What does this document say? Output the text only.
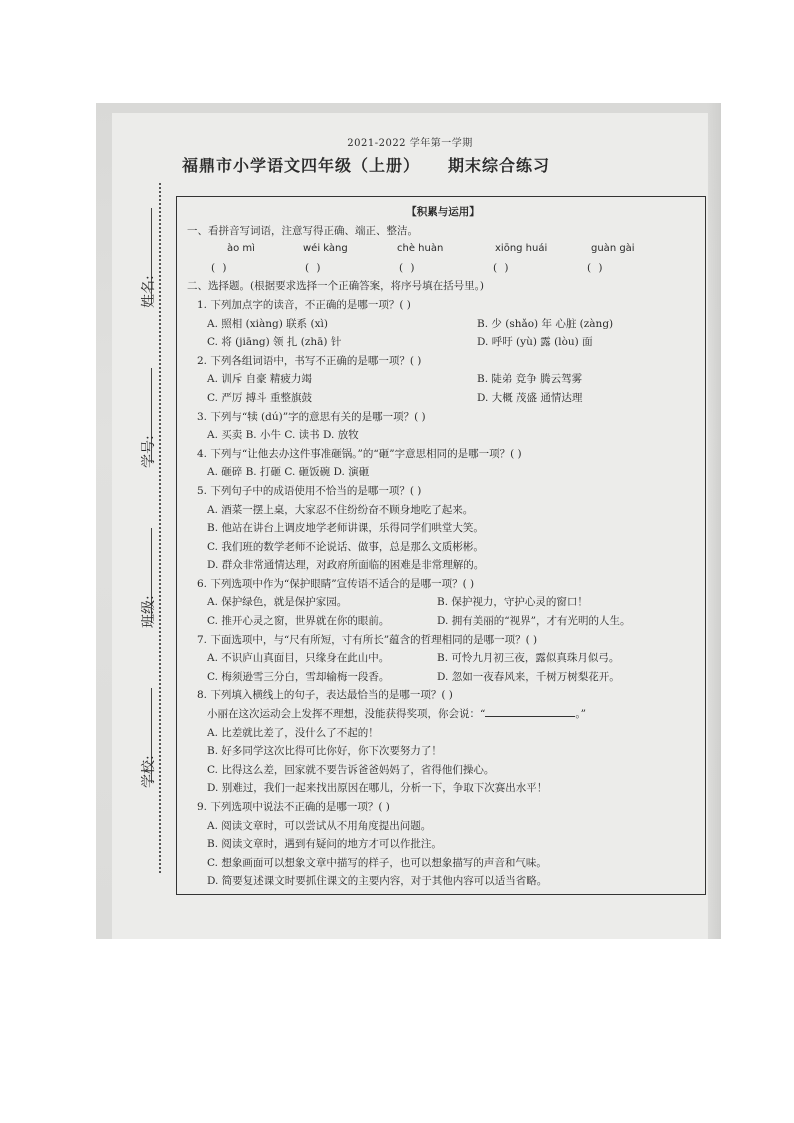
2021-2022 学年第一学期
福鼎市小学语文四年级（上册） 期末综合练习
姓名:
学号:
班级:
学校:
【积累与运用】
一、看拼音写词语，注意写得正确、端正、整洁。
ào mì	wéi kàng	chè huàn	xiōng huái	guàn gài
( )	( )	( )	( )	( )
二、选择题。(根据要求选择一个正确答案，将序号填在括号里。)
1. 下列加点字的读音，不正确的是哪一项？( )
A. 照相 (xiàng) 联系 (xì)	B. 少 (shǎo) 年 心脏 (zàng)
C. 将 (jiāng) 领 扎 (zhā) 针	D. 呼吁 (yù) 露 (lòu) 面
2. 下列各组词语中，书写不正确的是哪一项？( )
A. 训斥 自豪 精疲力竭	B. 陡弟 竞争 腾云驾雾
C. 严厉 搏斗 重整旗鼓	D. 大概 茂盛 通情达理
3. 下列与“犊 (dú)”字的意思有关的是哪一项？( )
A. 买卖 B. 小牛 C. 读书 D. 放牧
4. 下列与“让他去办这件事准砸锅。”的“砸”字意思相同的是哪一项？( )
A. 砸碎 B. 打砸 C. 砸饭碗 D. 演砸
5. 下列句子中的成语使用不恰当的是哪一项？( )
A. 酒菜一摆上桌，大家忍不住纷纷奋不顾身地吃了起来。
B. 他站在讲台上调皮地学老师讲课，乐得同学们哄堂大笑。
C. 我们班的数学老师不论说话、做事，总是那么文质彬彬。
D. 群众非常通情达理，对政府所面临的困难是非常理解的。
6. 下列选项中作为“保护眼睛”宣传语不适合的是哪一项？( )
A. 保护绿色，就是保护家园。	B. 保护视力，守护心灵的窗口！
C. 推开心灵之窗，世界就在你的眼前。	D. 拥有美丽的“视界”，才有光明的人生。
7. 下面选项中，与“尺有所短，寸有所长”蕴含的哲理相同的是哪一项？( )
A. 不识庐山真面目，只缘身在此山中。	B. 可怜九月初三夜，露似真珠月似弓。
C. 梅须逊雪三分白，雪却输梅一段香。	D. 忽如一夜春风来，千树万树梨花开。
8. 下列填入横线上的句子，表达最恰当的是哪一项？( )
小丽在这次运动会上发挥不理想，没能获得奖项，你会说：“	。”
A. 比差就比差了，没什么了不起的！
B. 好多同学这次比得可比你好，你下次要努力了！
C. 比得这么差，回家就不要告诉爸爸妈妈了，省得他们操心。
D. 别难过，我们一起来找出原因在哪儿，分析一下，争取下次赛出水平！
9. 下列选项中说法不正确的是哪一项？( )
A. 阅读文章时，可以尝试从不用角度提出问题。
B. 阅读文章时，遇到有疑问的地方才可以作批注。
C. 想象画面可以想象文章中描写的样子，也可以想象描写的声音和气味。
D. 简要复述课文时要抓住课文的主要内容，对于其他内容可以适当省略。
